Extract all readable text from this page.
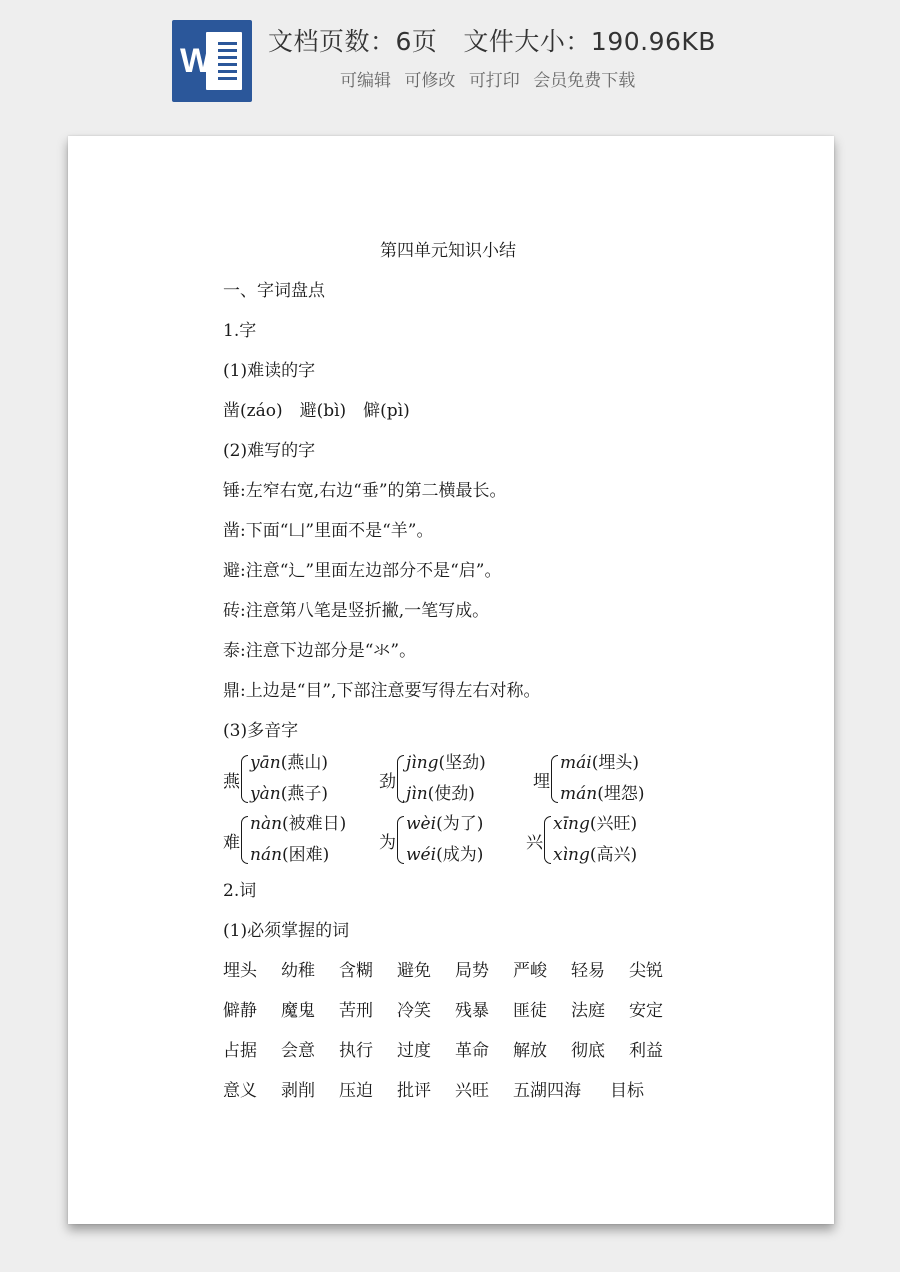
W
文档页数：6页 文件大小：190.96KB
可编辑 可修改 可打印 会员免费下载
第四单元知识小结
一、字词盘点
1.字
(1)难读的字
凿(záo)　避(bì)　僻(pì)
(2)难写的字
锤:左窄右宽,右边“垂”的第二横最长。
凿:下面“凵”里面不是“羊”。
避:注意“辶”里面左边部分不是“启”。
砖:注意第八笔是竖折撇,一笔写成。
泰:注意下边部分是“氺”。
鼎:上边是“目”,下部注意要写得左右对称。
(3)多音字
燕
yān(燕山)
yàn(燕子)
劲
jìng(坚劲)
jìn(使劲)
埋
mái(埋头)
mán(埋怨)
难
nàn(被难日)
nán(困难)
为
wèi(为了)
wéi(成为)
兴
xīng(兴旺)
xìng(高兴)
2.词
(1)必须掌握的词
埋头 幼稚 含糊 避免 局势 严峻 轻易 尖锐
僻静 魔鬼 苦刑 冷笑 残暴 匪徒 法庭 安定
占据 会意 执行 过度 革命 解放 彻底 利益
意义 剥削 压迫 批评 兴旺 五湖四海 目标
